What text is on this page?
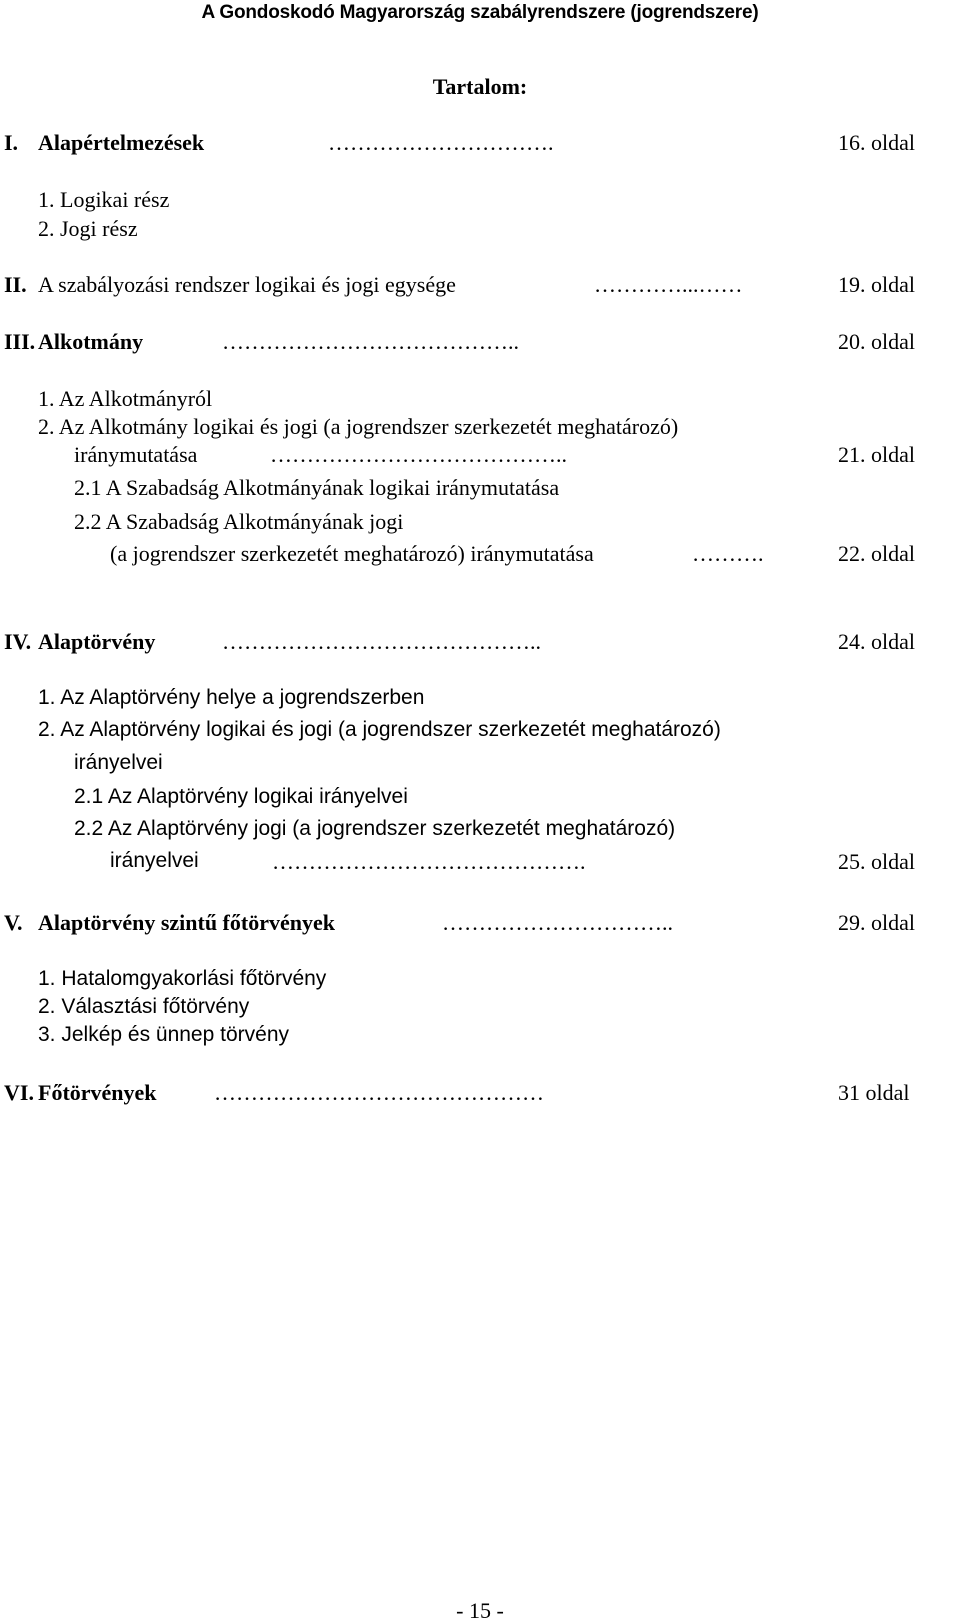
A Gondoskodó Magyarország szabályrendszere (jogrendszere)
Tartalom:
I. Alapértelmezések	………………………….	16. oldal
1. Logikai rész
2. Jogi rész
II. A szabályozási rendszer logikai és jogi egysége	…………...……	19. oldal
III. Alkotmány	…………………………………..	20. oldal
1. Az Alkotmányról
2. Az Alkotmány logikai és jogi (a jogrendszer szerkezetét meghatározó)
iránymutatása	…………………………………..	21. oldal
2.1 A Szabadság Alkotmányának logikai iránymutatása
2.2 A Szabadság Alkotmányának jogi
(a jogrendszer szerkezetét meghatározó) iránymutatása	……….	22. oldal
IV. Alaptörvény	……………………………………..	24. oldal
1. Az Alaptörvény helye a jogrendszerben
2. Az Alaptörvény logikai és jogi (a jogrendszer szerkezetét meghatározó)
irányelvei
2.1 Az Alaptörvény logikai irányelvei
2.2 Az Alaptörvény jogi (a jogrendszer szerkezetét meghatározó)
irányelvei	…………………………………….	25. oldal
V. Alaptörvény szintű főtörvények	…………………………..	29. oldal
1. Hatalomgyakorlási főtörvény
2. Választási főtörvény
3. Jelkép és ünnep törvény
VI. Főtörvények	………………………………………	31 oldal
- 15 -
